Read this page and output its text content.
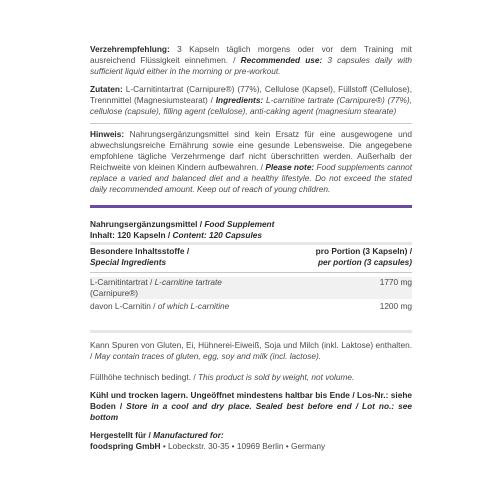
Verzehrempfehlung: 3 Kapseln täglich morgens oder vor dem Training mit ausreichend Flüssigkeit einnehmen. / Recommended use: 3 capsules daily with sufficient liquid either in the morning or pre-workout.

Zutaten: L-Carnitintartrat (Carnipure®) (77%), Cellulose (Kapsel), Füllstoff (Cellulose), Trennmittel (Magnesiumstearat) / Ingredients: L-carnitine tartrate (Carnipure®) (77%), cellulose (capsule), filling agent (cellulose), anti-caking agent (magnesium stearate)

Hinweis: Nahrungsergänzungsmittel sind kein Ersatz für eine ausgewogene und abwechslungsreiche Ernährung sowie eine gesunde Lebensweise. Die angegebene empfohlene tägliche Verzehrmenge darf nicht überschritten werden. Außerhalb der Reichweite von kleinen Kindern aufbewahren. / Please note: Food supplements cannot replace a varied and balanced diet and a healthy lifestyle. Do not exceed the stated daily recommended amount. Keep out of reach of young children.

Nahrungsergänzungsmittel / Food Supplement
Inhalt: 120 Kapseln / Content: 120 Capsules

Besondere Inhaltsstoffe /
Special Ingredients
pro Portion (3 Kapseln) /
per portion (3 capsules)
L-Carnitintartrat / L-carnitine tartrate
(Carnipure®)
1770 mg
davon L-Carnitin / of which L-carnitine	1200 mg

Kann Spuren von Gluten, Ei, Hühnerei-Eiweiß, Soja und Milch (inkl. Laktose) enthalten. / May contain traces of gluten, egg, soy and milk (incl. lactose).

Füllhöhe technisch bedingt. / This product is sold by weight, not volume.

Kühl und trocken lagern. Ungeöffnet mindestens haltbar bis Ende / Los-Nr.: siehe Boden / Store in a cool and dry place. Sealed best before end / Lot no.: see bottom

Hergestellt für / Manufactured for:
foodspring GmbH • Lobeckstr. 30-35 • 10969 Berlin • Germany
